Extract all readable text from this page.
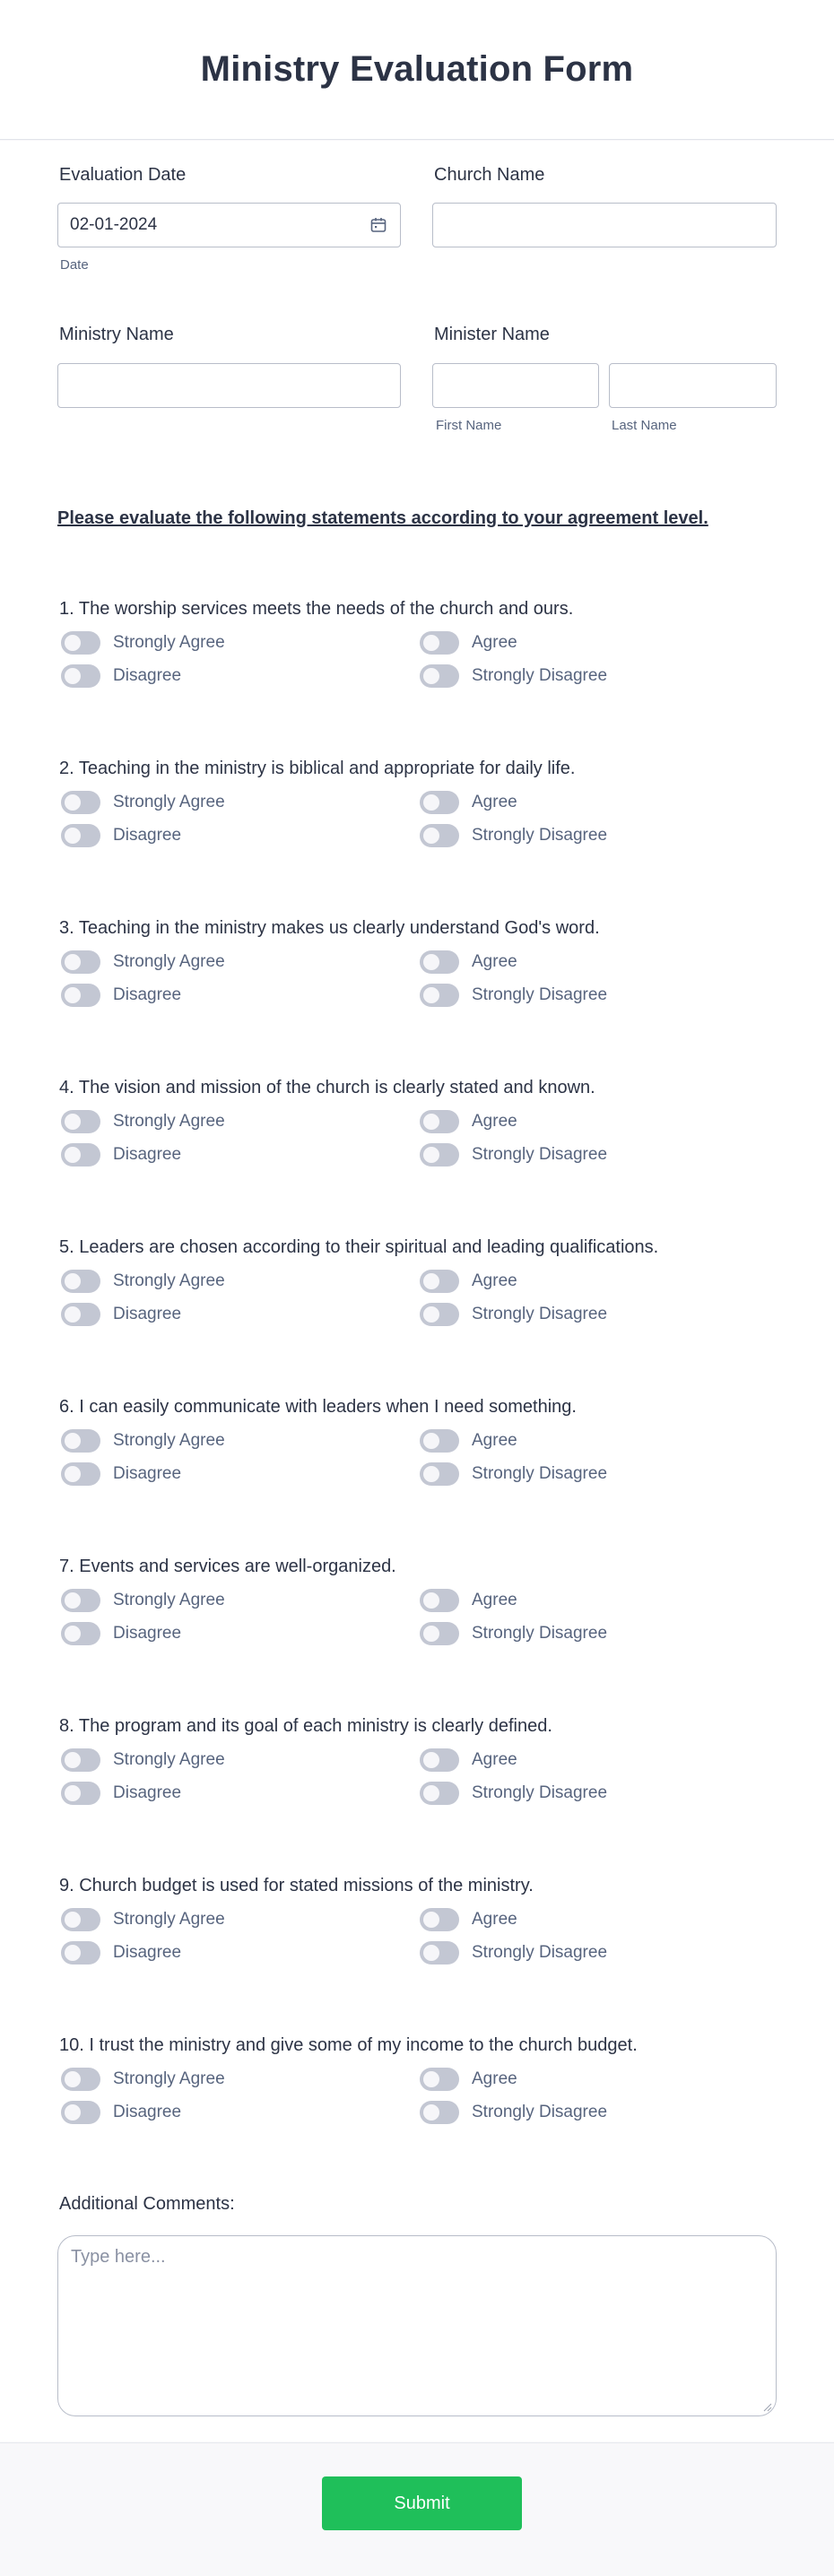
Ministry Evaluation Form
Evaluation Date
02-01-2024
Date
Church Name
Ministry Name	Minister Name
First Name	Last Name
Please evaluate the following statements according to your agreement level.
1. The worship services meets the needs of the church and ours.
Strongly Agree	Agree
Disagree	Strongly Disagree
2. Teaching in the ministry is biblical and appropriate for daily life.
Strongly Agree	Agree
Disagree	Strongly Disagree
3. Teaching in the ministry makes us clearly understand God's word.
Strongly Agree	Agree
Disagree	Strongly Disagree
4. The vision and mission of the church is clearly stated and known.
Strongly Agree	Agree
Disagree	Strongly Disagree
5. Leaders are chosen according to their spiritual and leading qualifications.
Strongly Agree	Agree
Disagree	Strongly Disagree
6. I can easily communicate with leaders when I need something.
Strongly Agree	Agree
Disagree	Strongly Disagree
7. Events and services are well-organized.
Strongly Agree	Agree
Disagree	Strongly Disagree
8. The program and its goal of each ministry is clearly defined.
Strongly Agree	Agree
Disagree	Strongly Disagree
9. Church budget is used for stated missions of the ministry.
Strongly Agree	Agree
Disagree	Strongly Disagree
10. I trust the ministry and give some of my income to the church budget.
Strongly Agree	Agree
Disagree	Strongly Disagree
Additional Comments:
Type here...
Submit
